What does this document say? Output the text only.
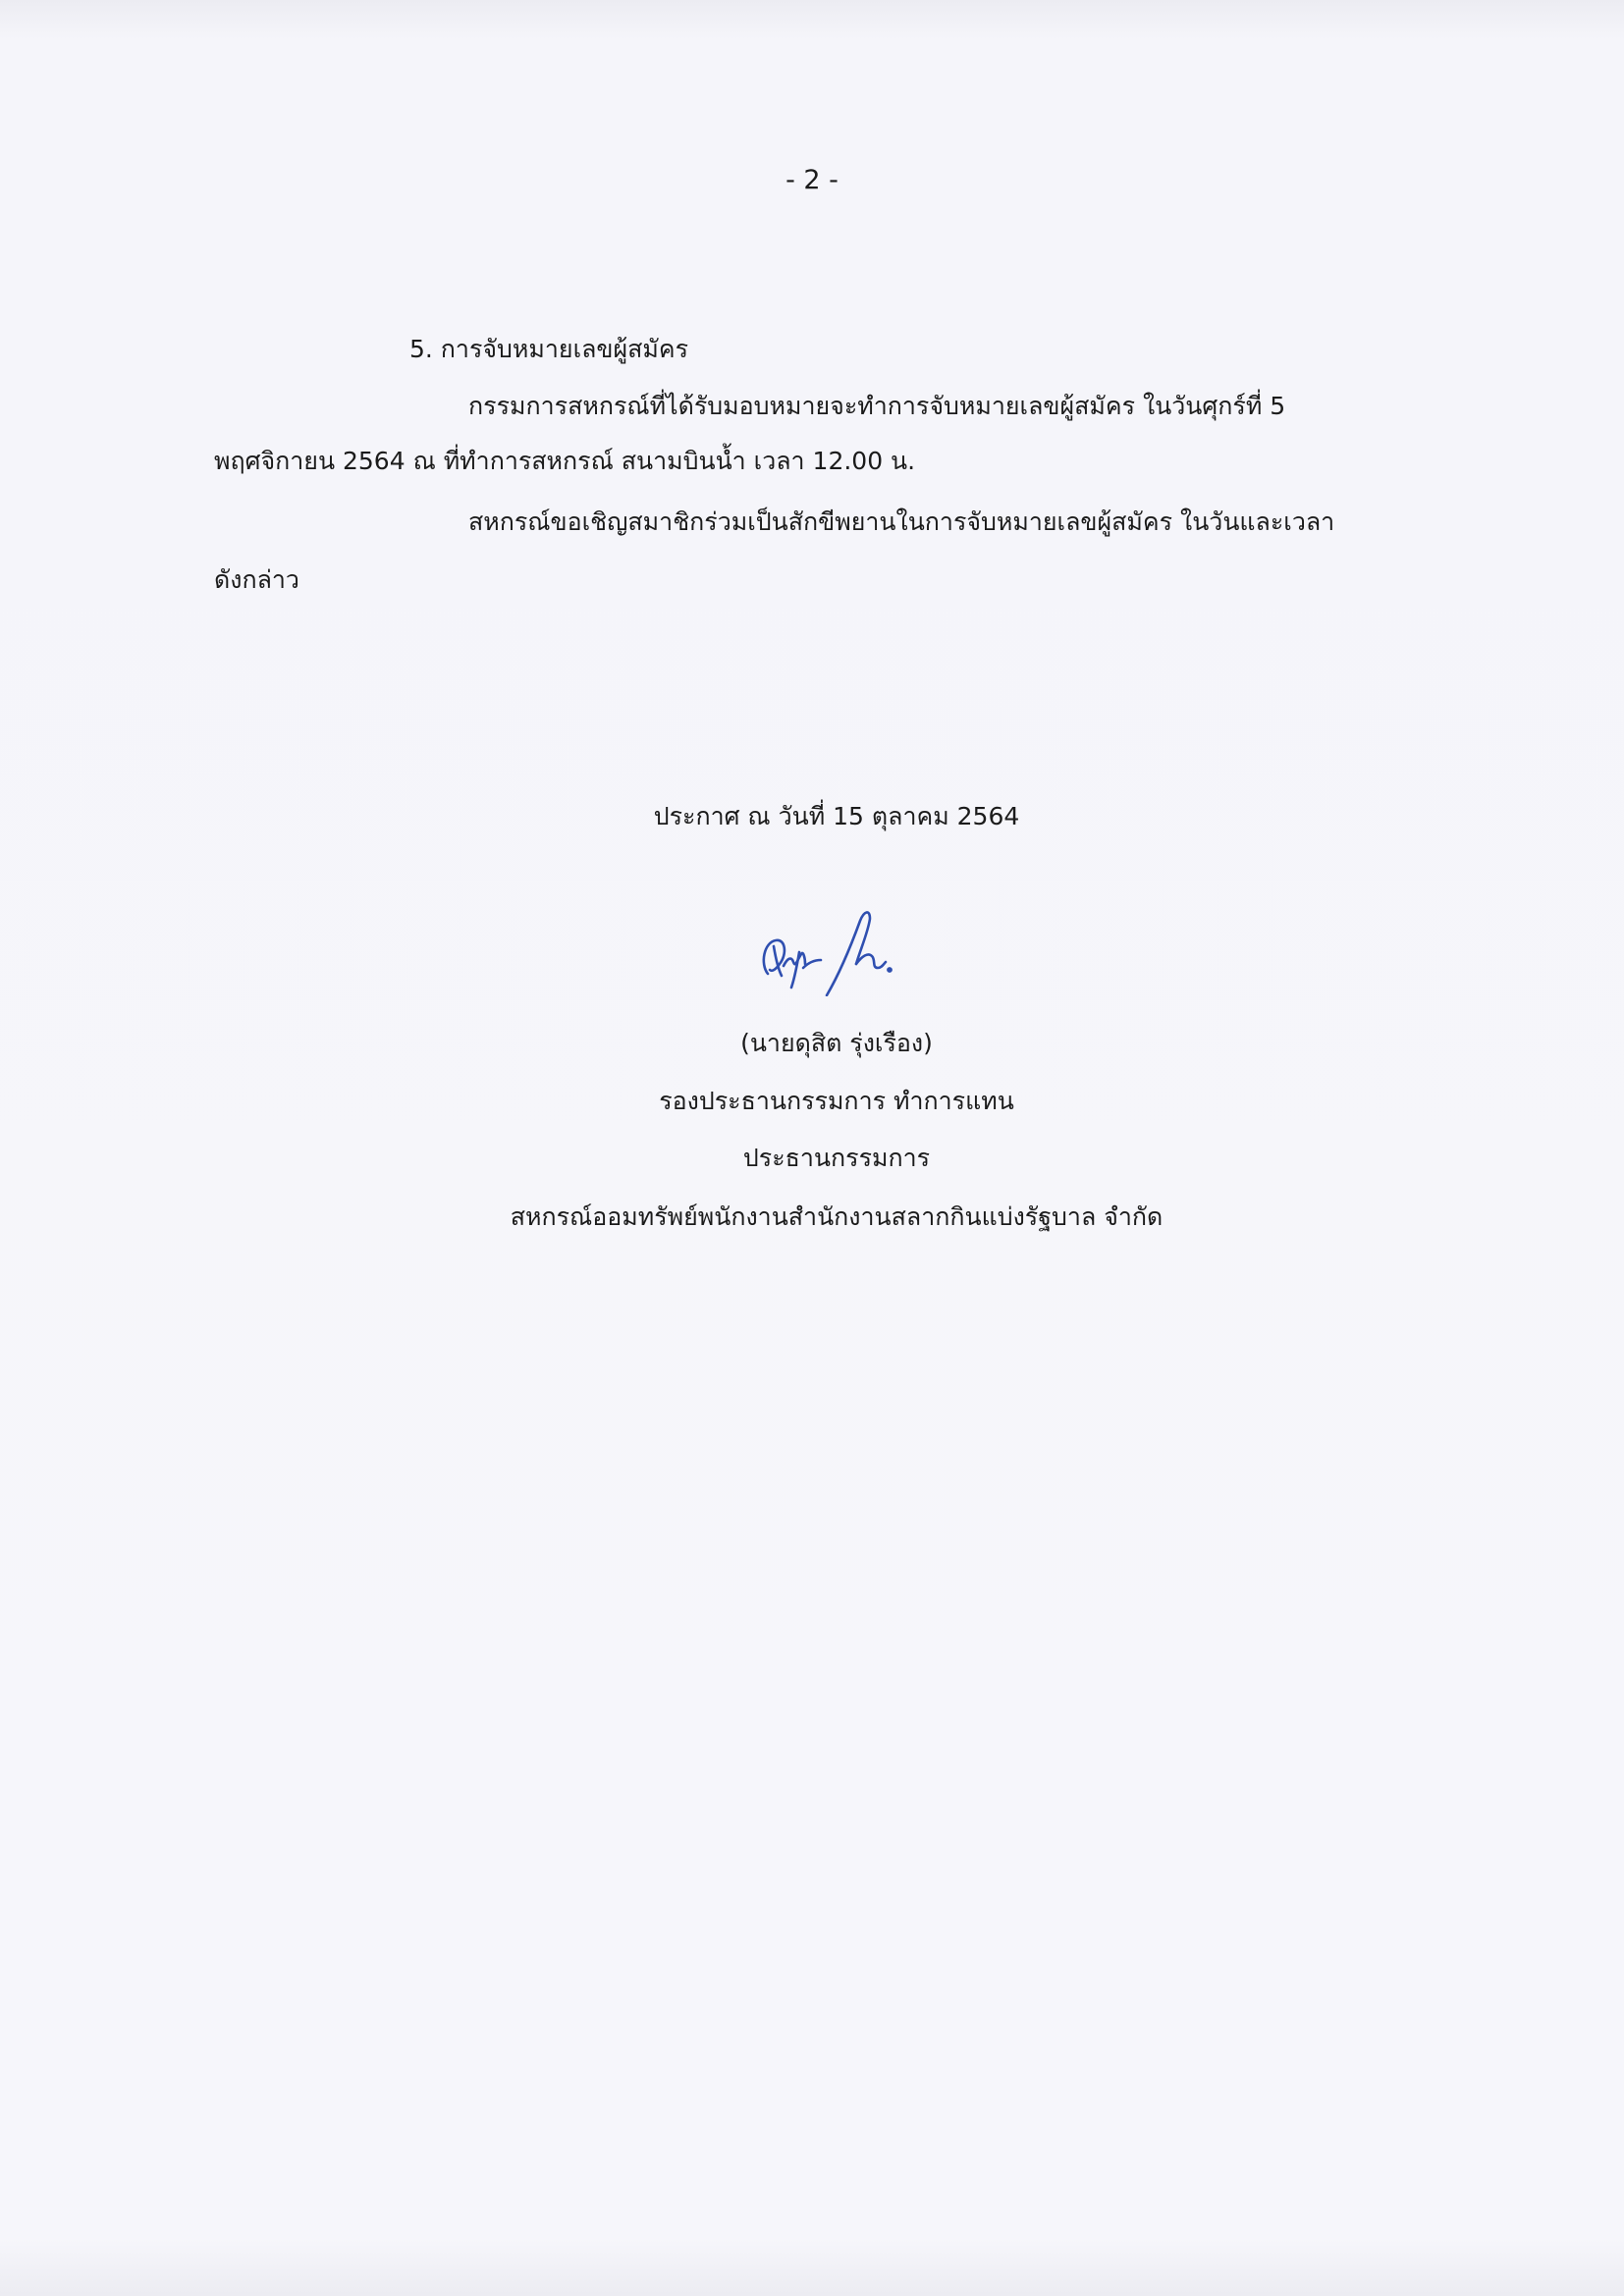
- 2 -

5. การจับหมายเลขผู้สมัคร

กรรมการสหกรณ์ที่ได้รับมอบหมายจะทำการจับหมายเลขผู้สมัคร ในวันศุกร์ที่ 5

พฤศจิกายน 2564 ณ ที่ทำการสหกรณ์ สนามบินน้ำ เวลา 12.00 น.

สหกรณ์ขอเชิญสมาชิกร่วมเป็นสักขีพยานในการจับหมายเลขผู้สมัคร ในวันและเวลา

ดังกล่าว

ประกาศ ณ วันที่ 15 ตุลาคม 2564

(นายดุสิต รุ่งเรือง)

รองประธานกรรมการ ทำการแทน

ประธานกรรมการ

สหกรณ์ออมทรัพย์พนักงานสำนักงานสลากกินแบ่งรัฐบาล จำกัด
